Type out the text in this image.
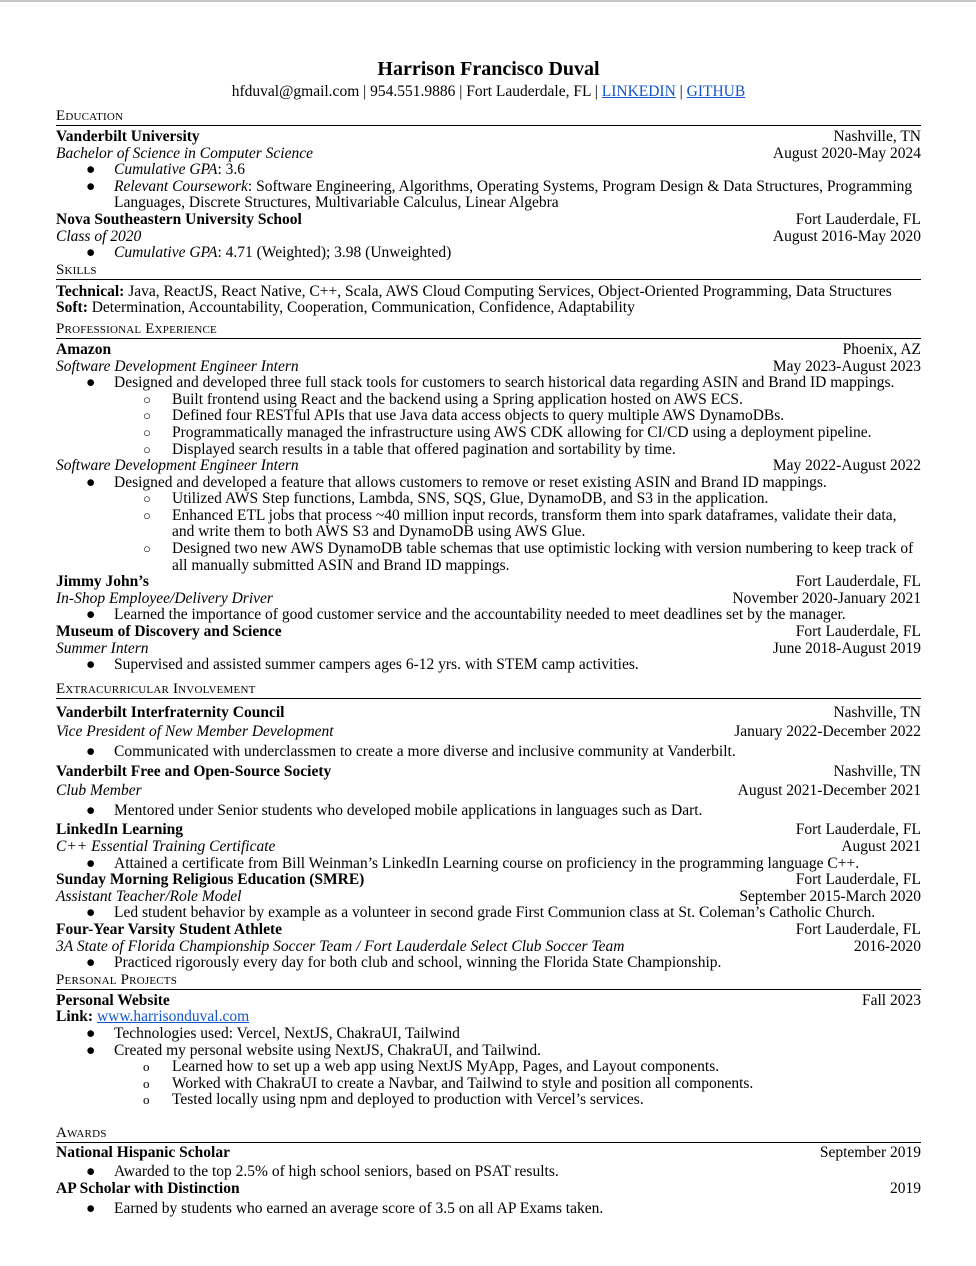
Harrison Francisco Duval
hfduval@gmail.com | 954.551.9886 | Fort Lauderdale, FL | LINKEDIN | GITHUB
Education
Vanderbilt University	Nashville, TN
Bachelor of Science in Computer Science	August 2020-May 2024
● Cumulative GPA: 3.6
● Relevant Coursework: Software Engineering, Algorithms, Operating Systems, Program Design & Data Structures, Programming Languages, Discrete Structures, Multivariable Calculus, Linear Algebra
Nova Southeastern University School	Fort Lauderdale, FL
Class of 2020	August 2016-May 2020
● Cumulative GPA: 4.71 (Weighted); 3.98 (Unweighted)
Skills
Technical: Java, ReactJS, React Native, C++, Scala, AWS Cloud Computing Services, Object-Oriented Programming, Data Structures
Soft: Determination, Accountability, Cooperation, Communication, Confidence, Adaptability
Professional Experience
Amazon	Phoenix, AZ
Software Development Engineer Intern	May 2023-August 2023
● Designed and developed three full stack tools for customers to search historical data regarding ASIN and Brand ID mappings.
○ Built frontend using React and the backend using a Spring application hosted on AWS ECS.
○ Defined four RESTful APIs that use Java data access objects to query multiple AWS DynamoDBs.
○ Programmatically managed the infrastructure using AWS CDK allowing for CI/CD using a deployment pipeline.
○ Displayed search results in a table that offered pagination and sortability by time.
Software Development Engineer Intern	May 2022-August 2022
● Designed and developed a feature that allows customers to remove or reset existing ASIN and Brand ID mappings.
○ Utilized AWS Step functions, Lambda, SNS, SQS, Glue, DynamoDB, and S3 in the application.
○ Enhanced ETL jobs that process ~40 million input records, transform them into spark dataframes, validate their data, and write them to both AWS S3 and DynamoDB using AWS Glue.
○ Designed two new AWS DynamoDB table schemas that use optimistic locking with version numbering to keep track of all manually submitted ASIN and Brand ID mappings.
Jimmy John’s	Fort Lauderdale, FL
In-Shop Employee/Delivery Driver	November 2020-January 2021
● Learned the importance of good customer service and the accountability needed to meet deadlines set by the manager.
Museum of Discovery and Science	Fort Lauderdale, FL
Summer Intern	June 2018-August 2019
● Supervised and assisted summer campers ages 6-12 yrs. with STEM camp activities.
Extracurricular Involvement
Vanderbilt Interfraternity Council	Nashville, TN
Vice President of New Member Development	January 2022-December 2022
● Communicated with underclassmen to create a more diverse and inclusive community at Vanderbilt.
Vanderbilt Free and Open-Source Society	Nashville, TN
Club Member	August 2021-December 2021
● Mentored under Senior students who developed mobile applications in languages such as Dart.
LinkedIn Learning	Fort Lauderdale, FL
C++ Essential Training Certificate	August 2021
● Attained a certificate from Bill Weinman’s LinkedIn Learning course on proficiency in the programming language C++.
Sunday Morning Religious Education (SMRE)	Fort Lauderdale, FL
Assistant Teacher/Role Model	September 2015-March 2020
● Led student behavior by example as a volunteer in second grade First Communion class at St. Coleman’s Catholic Church.
Four-Year Varsity Student Athlete	Fort Lauderdale, FL
3A State of Florida Championship Soccer Team / Fort Lauderdale Select Club Soccer Team	2016-2020
● Practiced rigorously every day for both club and school, winning the Florida State Championship.
Personal Projects
Personal Website	Fall 2023
Link: www.harrisonduval.com
● Technologies used: Vercel, NextJS, ChakraUI, Tailwind
● Created my personal website using NextJS, ChakraUI, and Tailwind.
o Learned how to set up a web app using NextJS MyApp, Pages, and Layout components.
o Worked with ChakraUI to create a Navbar, and Tailwind to style and position all components.
o Tested locally using npm and deployed to production with Vercel’s services.
Awards
National Hispanic Scholar	September 2019
● Awarded to the top 2.5% of high school seniors, based on PSAT results.
AP Scholar with Distinction	2019
● Earned by students who earned an average score of 3.5 on all AP Exams taken.
